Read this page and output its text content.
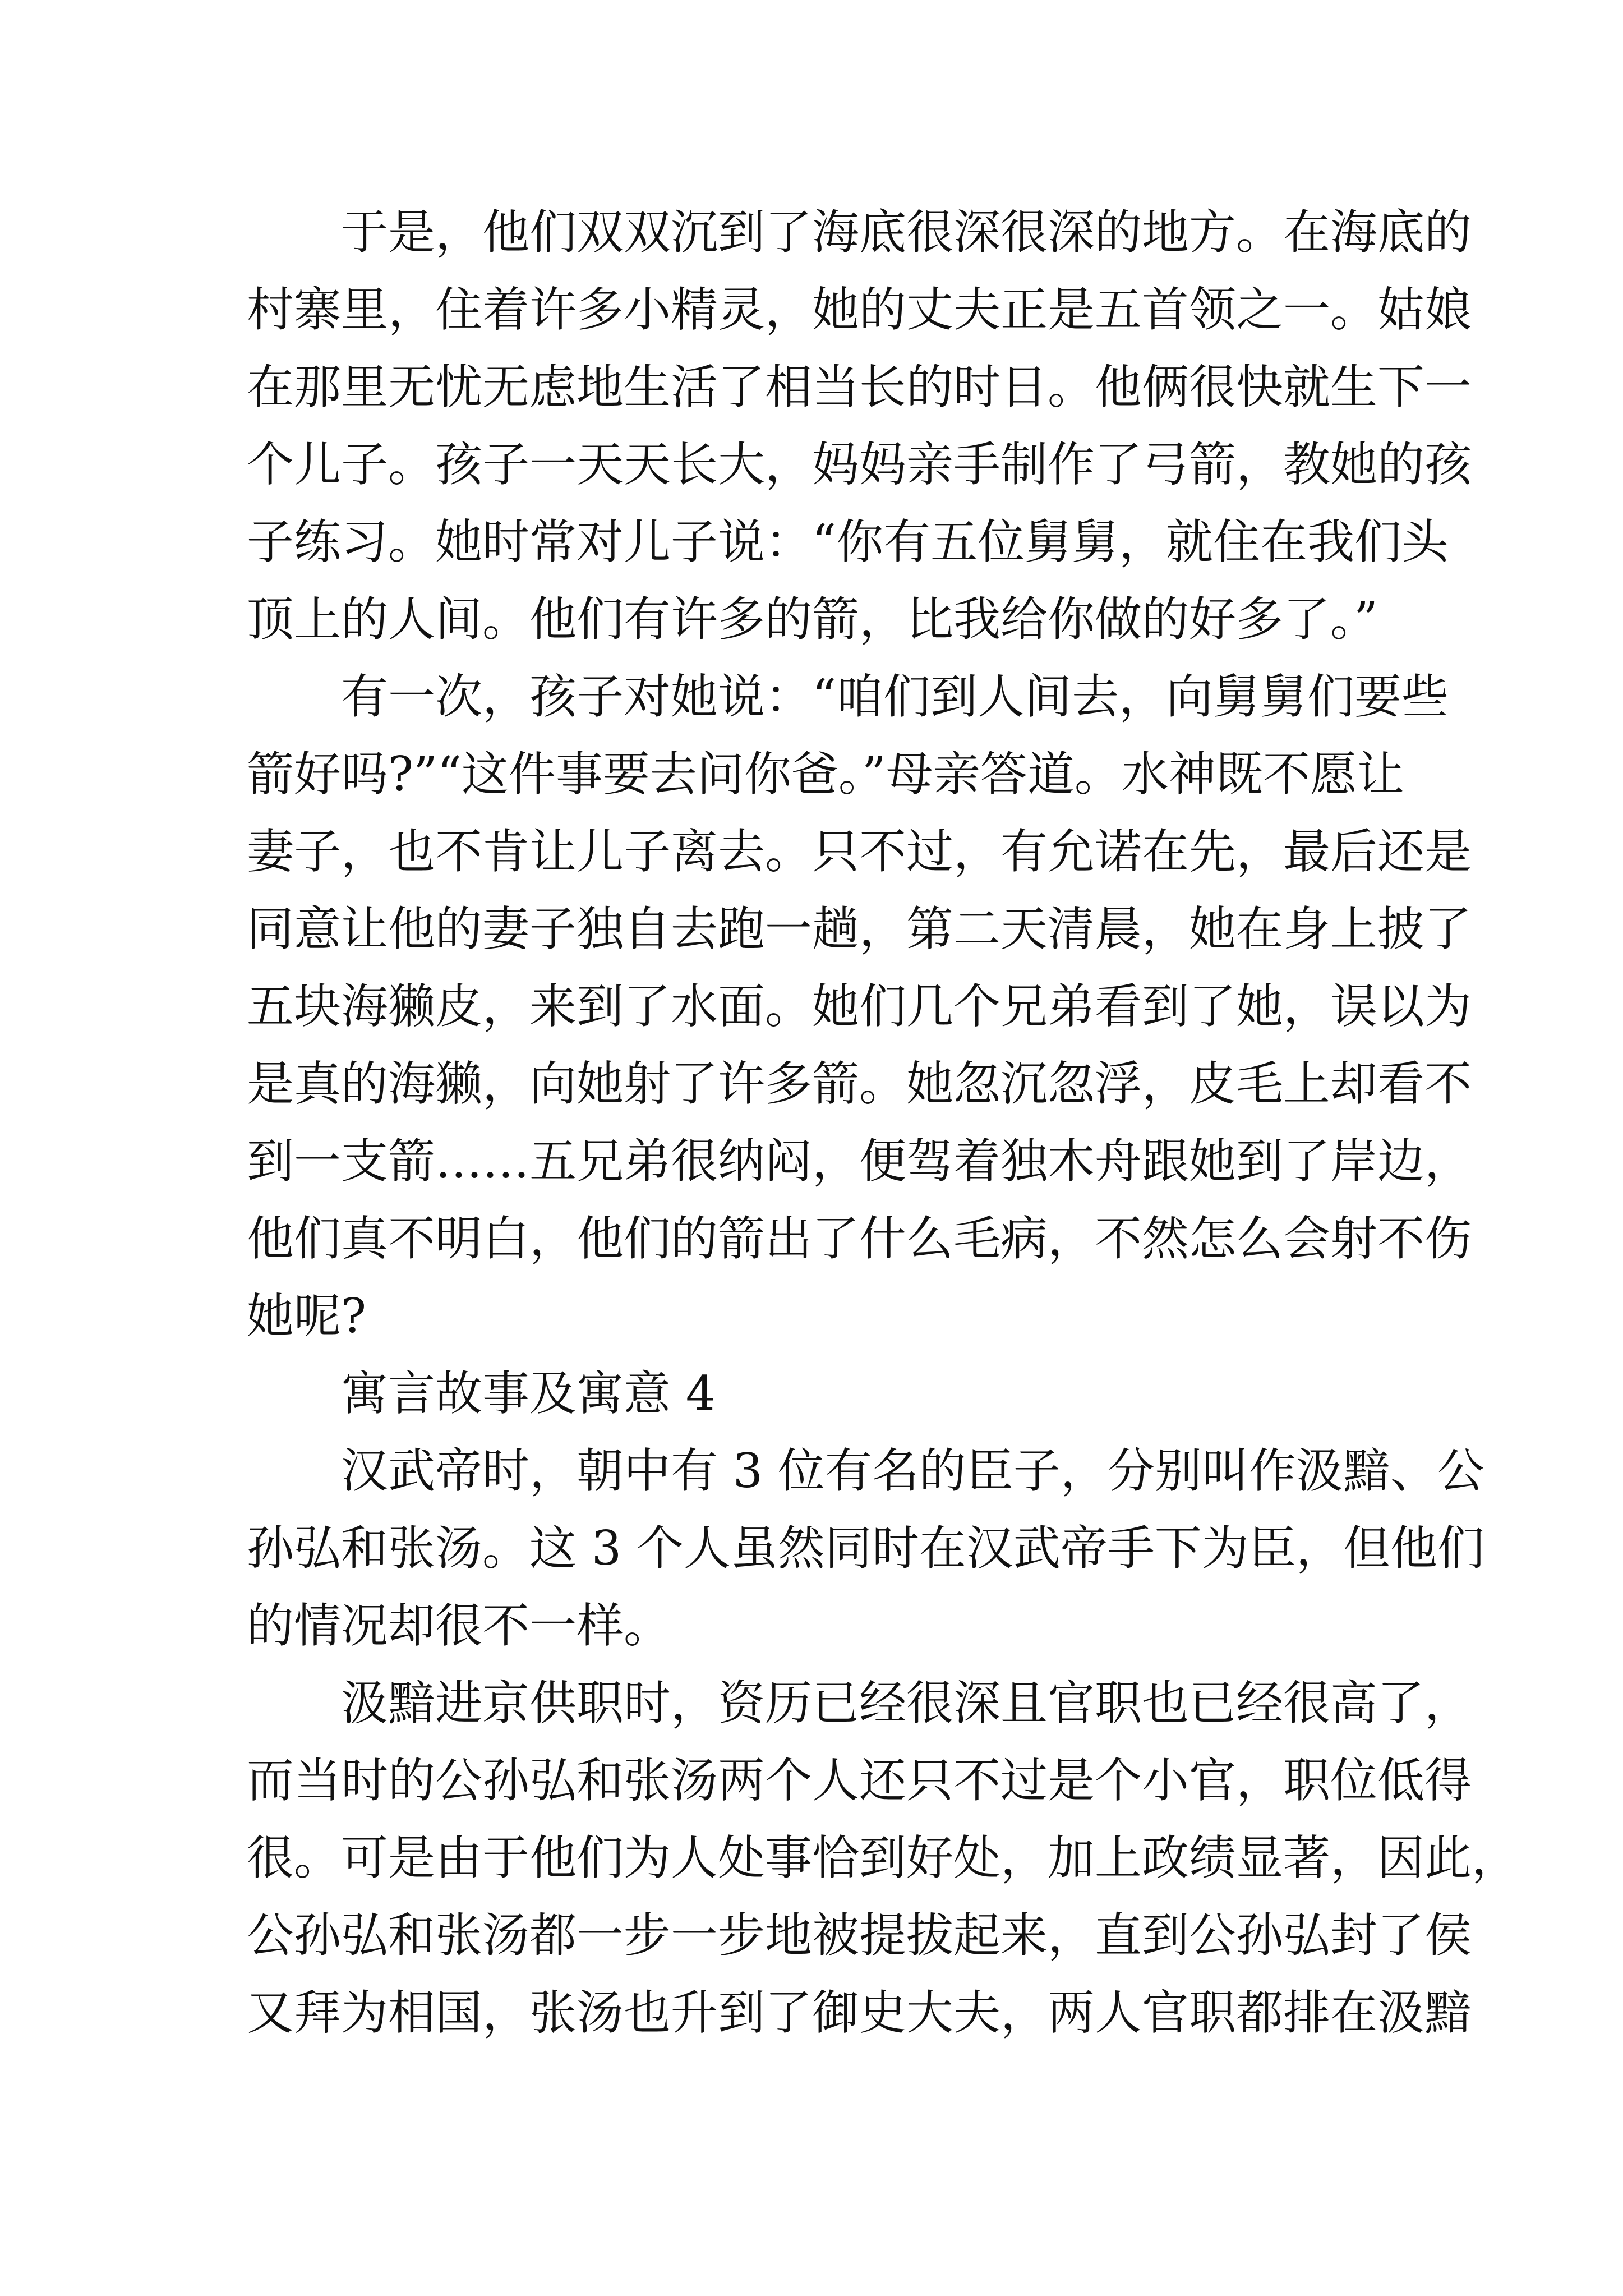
于是，他们双双沉到了海底很深很深的地方。在海底的
村寨里，住着许多小精灵，她的丈夫正是五首领之一。姑娘
在那里无忧无虑地生活了相当长的时日。他俩很快就生下一
个儿子。孩子一天天长大，妈妈亲手制作了弓箭，教她的孩
子练习。她时常对儿子说：“你有五位舅舅，就住在我们头
顶上的人间。他们有许多的箭，比我给你做的好多了。”
有一次，孩子对她说：“咱们到人间去，向舅舅们要些
箭好吗?”“这件事要去问你爸。”母亲答道。水神既不愿让
妻子，也不肯让儿子离去。只不过，有允诺在先，最后还是
同意让他的妻子独自去跑一趟，第二天清晨，她在身上披了
五块海獭皮，来到了水面。她们几个兄弟看到了她，误以为
是真的海獭，向她射了许多箭。她忽沉忽浮，皮毛上却看不
到一支箭……五兄弟很纳闷，便驾着独木舟跟她到了岸边，
他们真不明白，他们的箭出了什么毛病，不然怎么会射不伤
她呢?
寓言故事及寓意 4
汉武帝时，朝中有 3 位有名的臣子，分别叫作汲黯、公
孙弘和张汤。这 3 个人虽然同时在汉武帝手下为臣，但他们
的情况却很不一样。
汲黯进京供职时，资历已经很深且官职也已经很高了，
而当时的公孙弘和张汤两个人还只不过是个小官，职位低得
很。可是由于他们为人处事恰到好处，加上政绩显著，因此，
公孙弘和张汤都一步一步地被提拔起来，直到公孙弘封了侯
又拜为相国，张汤也升到了御史大夫，两人官职都排在汲黯
